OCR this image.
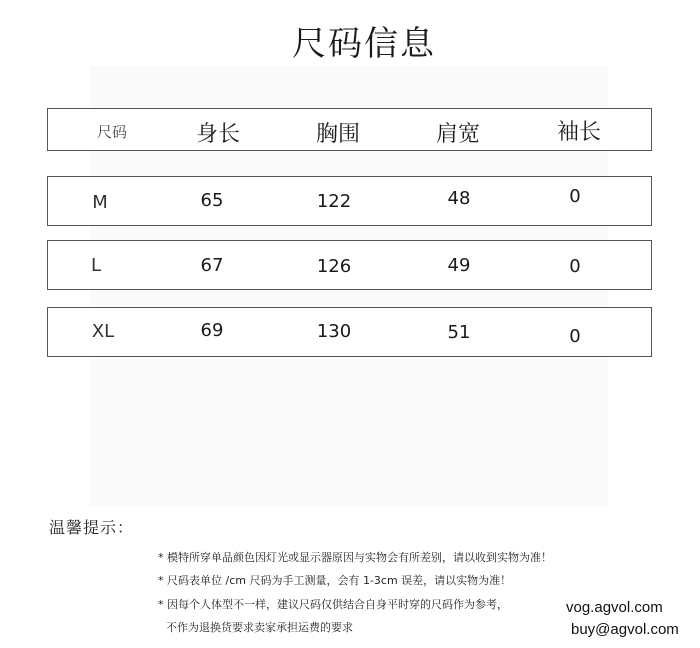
尺码信息
尺码	身长	胸围	肩宽	袖长
M	65	122	48	0
L	67	126	49	0
XL	69	130	51	0
温馨提示：
* 模特所穿单品颜色因灯光或显示器原因与实物会有所差别，请以收到实物为准！
* 尺码表单位 /cm 尺码为手工测量，会有 1-3cm 误差，请以实物为准！
* 因每个人体型不一样，建议尺码仅供结合自身平时穿的尺码作为参考，
不作为退换货要求卖家承担运费的要求
vog.agvol.com
buy@agvol.com
